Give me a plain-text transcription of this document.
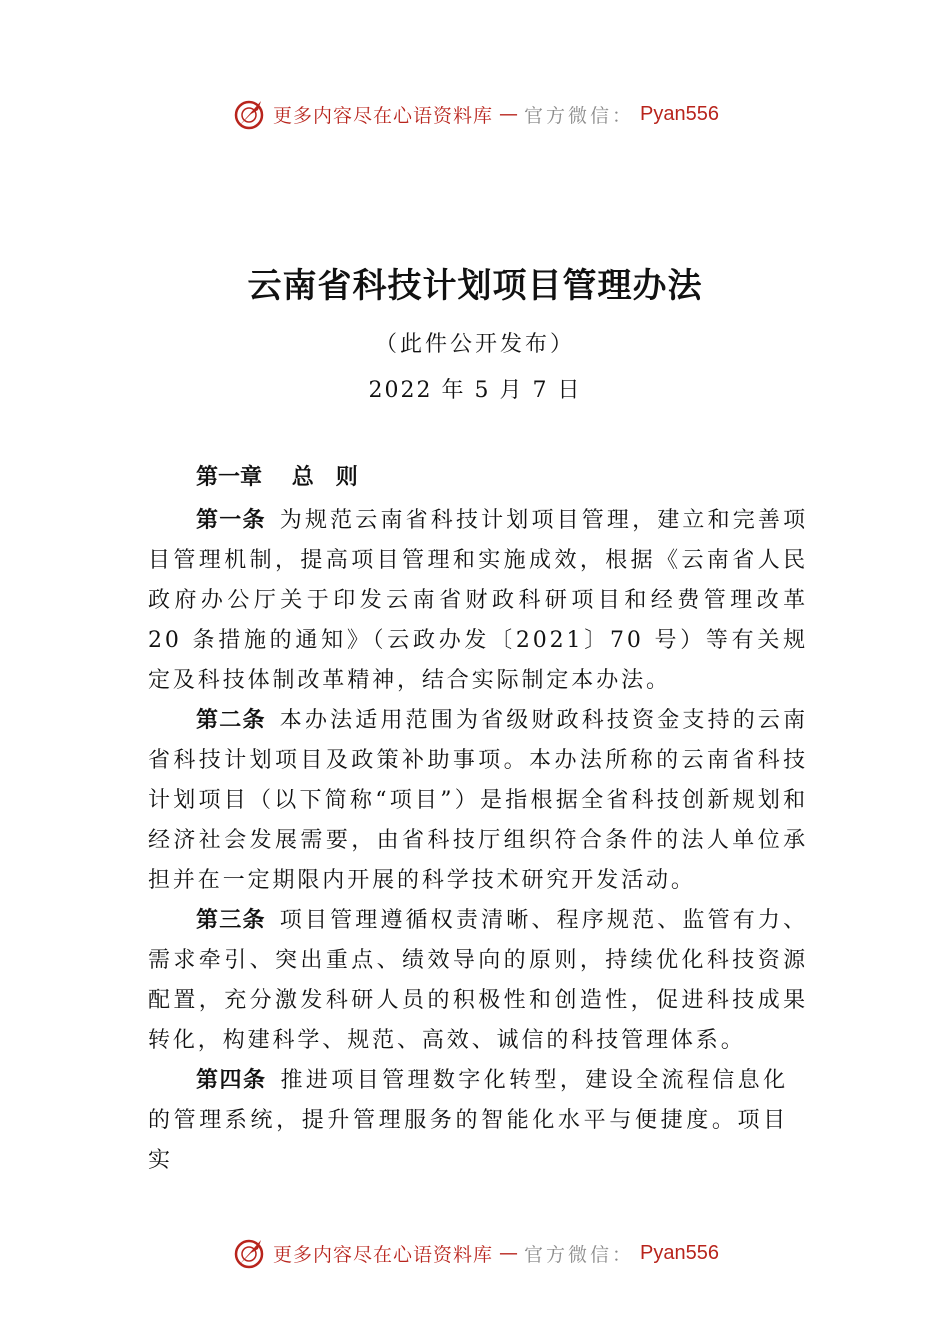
更多内容尽在心语资料库 — 官方微信： Pyan556
云南省科技计划项目管理办法
（此件公开发布）
2022 年 5 月 7 日
第一章 总　则

第一条 为规范云南省科技计划项目管理，建立和完善项目管理机制，提高项目管理和实施成效，根据《云南省人民政府办公厅关于印发云南省财政科研项目和经费管理改革 20 条措施的通知》（云政办发〔2021〕70 号）等有关规定及科技体制改革精神，结合实际制定本办法。

第二条 本办法适用范围为省级财政科技资金支持的云南省科技计划项目及政策补助事项。本办法所称的云南省科技计划项目（以下简称“项目”）是指根据全省科技创新规划和经济社会发展需要，由省科技厅组织符合条件的法人单位承担并在一定期限内开展的科学技术研究开发活动。

第三条 项目管理遵循权责清晰、程序规范、监管有力、需求牵引、突出重点、绩效导向的原则，持续优化科技资源配置，充分激发科研人员的积极性和创造性，促进科技成果转化，构建科学、规范、高效、诚信的科技管理体系。

第四条 推进项目管理数字化转型，建设全流程信息化的管理系统，提升管理服务的智能化水平与便捷度。项目实

更多内容尽在心语资料库 — 官方微信： Pyan556
